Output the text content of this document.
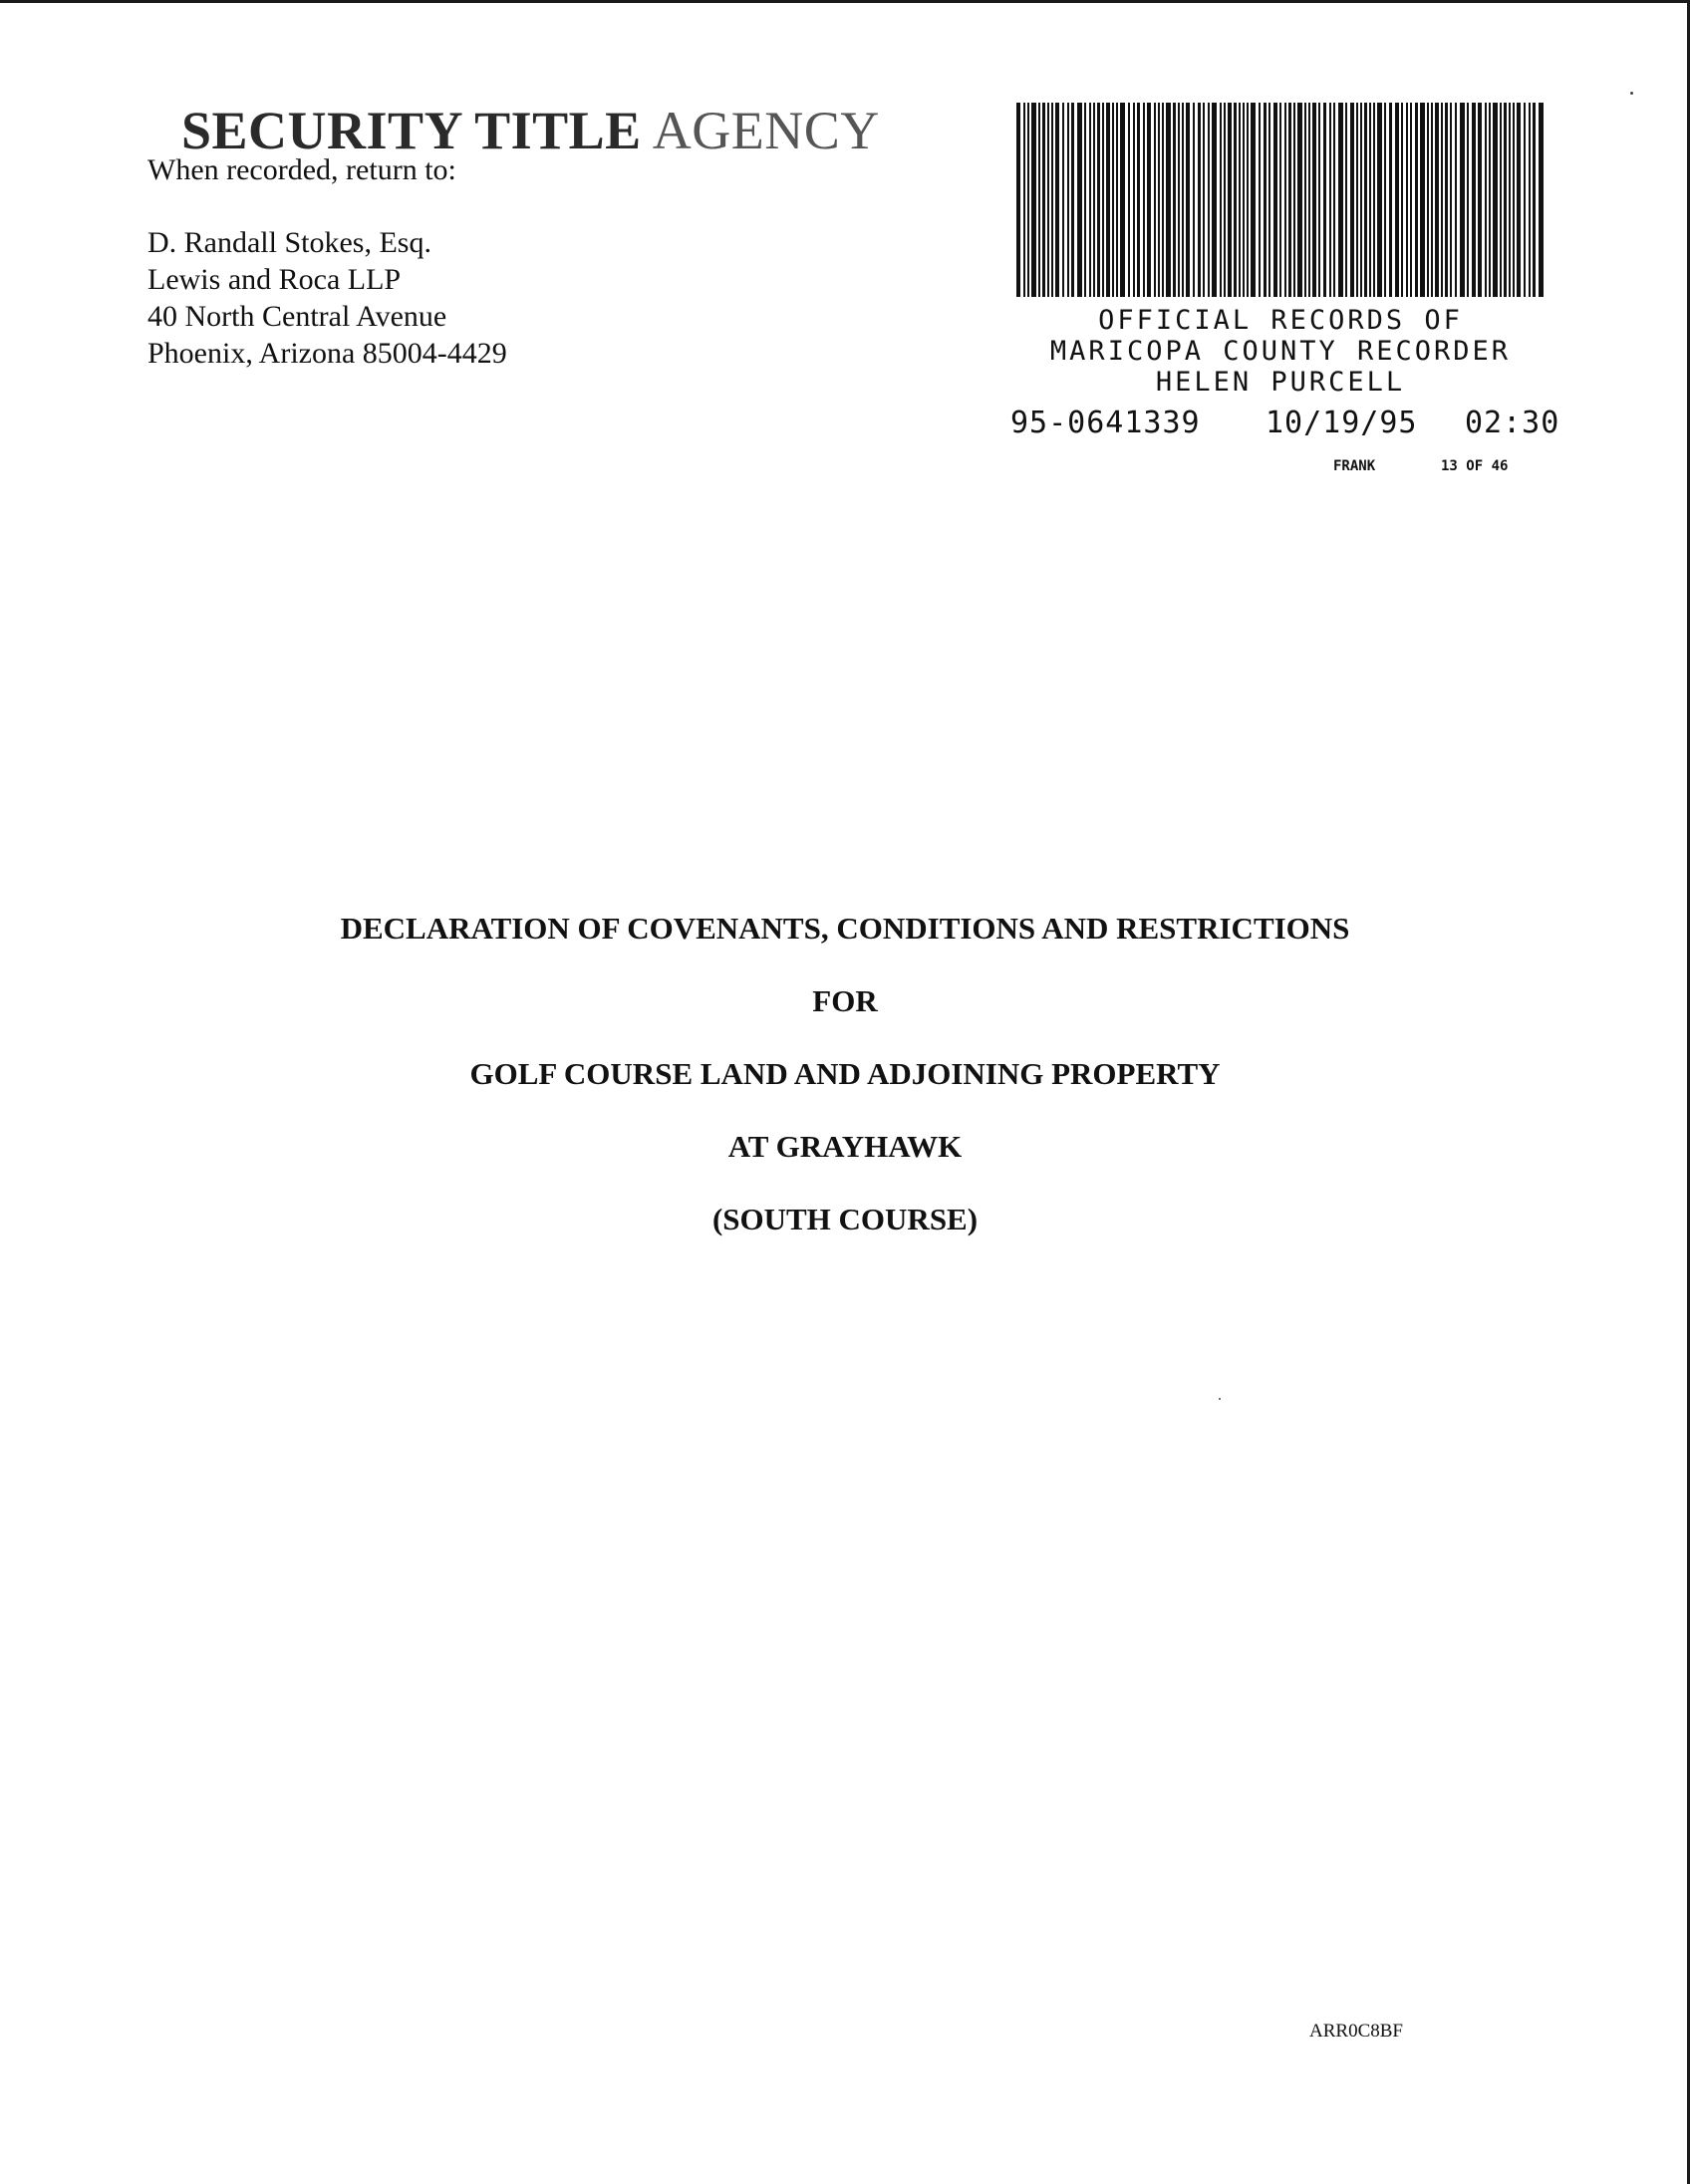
SECURITY TITLE AGENCY
When recorded, return to:
D. Randall Stokes, Esq.
Lewis and Roca LLP
40 North Central Avenue
Phoenix, Arizona 85004-4429
OFFICIAL RECORDS OF
MARICOPA COUNTY RECORDER
HELEN PURCELL
95-0641339 10/19/95 02:30
FRANK	13 OF 46
DECLARATION OF COVENANTS, CONDITIONS AND RESTRICTIONS
FOR
GOLF COURSE LAND AND ADJOINING PROPERTY
AT GRAYHAWK
(SOUTH COURSE)
ARR0C8BF
